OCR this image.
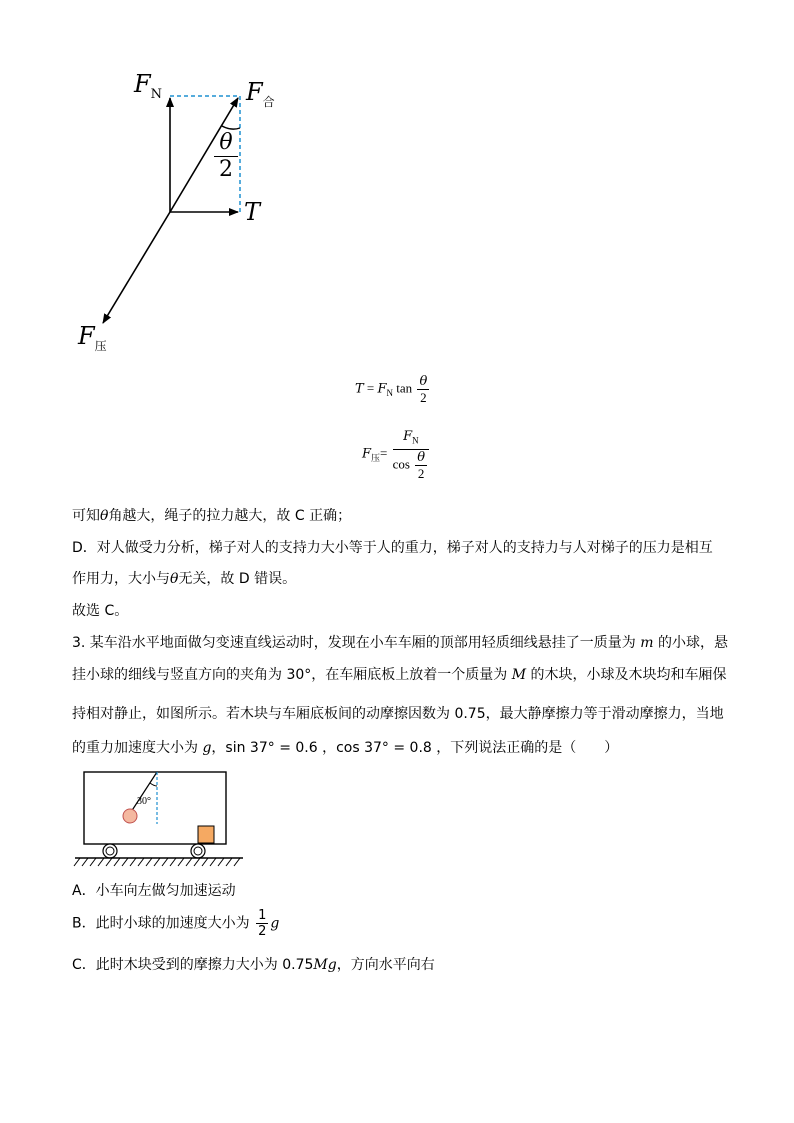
$F_N$	$F_合$
θ
2
T
$F_压$
$T = F_N$ $\tan \frac{\theta}{2}$
$F_压= \frac{F_N}{\cos \frac{\theta}{2}}$
可知θ角越大，绳子的拉力越大，故 C 正确；
D．对人做受力分析，梯子对人的支持力大小等于人的重力，梯子对人的支持力与人对梯子的压力是相互
作用力，大小与θ无关，故 D 错误。
故选 C。
3. 某车沿水平地面做匀变速直线运动时，发现在小车车厢的顶部用轻质细线悬挂了一质量为 m 的小球，悬
挂小球的细线与竖直方向的夹角为 30°，在车厢底板上放着一个质量为 M 的木块，小球及木块均和车厢保
持相对静止，如图所示。若木块与车厢底板间的动摩擦因数为 0.75，最大静摩擦力等于滑动摩擦力，当地
的重力加速度大小为 g，sin 37° = 0.6 ，cos 37° = 0.8 ，下列说法正确的是（　　）
30°
A．小车向左做匀加速运动
B．此时小球的加速度大小为 $\frac{1}{2}$ g
C．此时木块受到的摩擦力大小为 0.75Mg，方向水平向右
